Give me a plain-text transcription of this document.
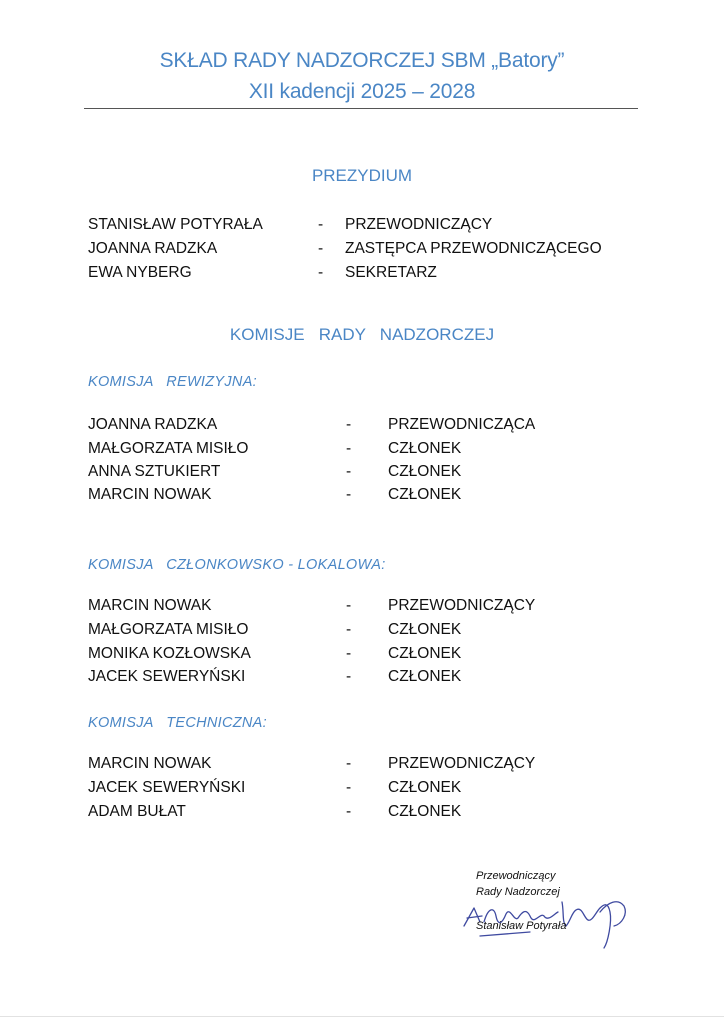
SKŁAD RADY NADZORCZEJ SBM „Batory”
XII kadencji 2025 – 2028
PREZYDIUM
STANISŁAW POTYRAŁA	- PRZEWODNICZĄCY
JOANNA RADZKA	- ZASTĘPCA PRZEWODNICZĄCEGO
EWA NYBERG	- SEKRETARZ
KOMISJE   RADY   NADZORCZEJ
KOMISJA   REWIZYJNA:
JOANNA RADZKA	- PRZEWODNICZĄCA
MAŁGORZATA MISIŁO	- CZŁONEK
ANNA SZTUKIERT	- CZŁONEK
MARCIN NOWAK	- CZŁONEK
KOMISJA   CZŁONKOWSKO - LOKALOWA:
MARCIN NOWAK	- PRZEWODNICZĄCY
MAŁGORZATA MISIŁO	- CZŁONEK
MONIKA KOZŁOWSKA	- CZŁONEK
JACEK SEWERYŃSKI	- CZŁONEK
KOMISJA   TECHNICZNA:
MARCIN NOWAK	- PRZEWODNICZĄCY
JACEK SEWERYŃSKI	- CZŁONEK
ADAM BUŁAT	- CZŁONEK
Przewodniczący
Rady Nadzorczej
Stanisław Potyrała
